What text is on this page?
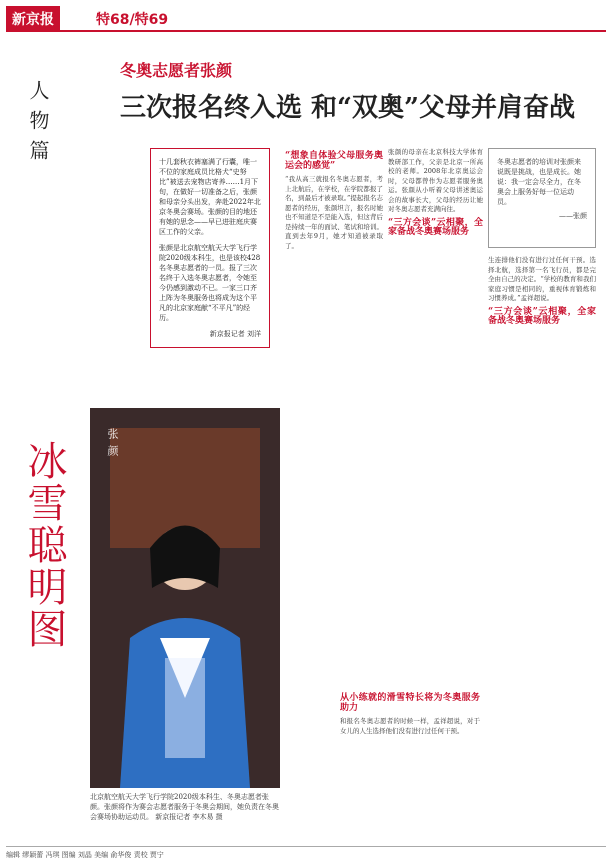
新京报	特68/特69
人物篇
冰雪聪明图
冬奥志愿者张颜
三次报名终入选 和“双奥”父母并肩奋战

十几套秋衣裤塞满了行囊，唯一不位的家庭成员比格犬“史努比”被送去宠物店寄养……1月下旬，在做好一切准备之后，张颜和母亲分头出发，奔赴2022年北京冬奥会赛场。张颜的目的地还有她的思念——早已进驻庭庆赛区工作的父亲。

张颜是北京航空航天大学飞行学院2020级本科生，也是该校428名冬奥志愿者的一员。报了三次名终于入选冬奥志愿者，令她至今仍感到激动不已。一家三口齐上阵为冬奥服务也将成为这个平凡的北京家庭献“不平凡”的经历。

新京报记者 刘洋

张颜
北京航空航天大学飞行学院2020级本科生、冬奥志愿者张颜。张颜将作为赛会志愿者服务于冬奥会期间，她负责在冬奥会赛场协助运动员。 新京报记者 李木易 摄
“想象自体验父母服务奥运会的感觉”
“我从高三就报名冬奥志愿者，考上北航后，在学校，在学院都报了名，到最后才被录取。”提起报名志愿者的经历，张颜坦言，报名时她也不知道是不是能入选，但这背后是持续一年的面试、笔试和培训。直到去年9月，她才知道被录取了。
张颜的母亲在北京科技大学体育教研部工作，父亲是北京一所高校的老师。2008年北京奥运会时，父母都曾作为志愿者服务奥运。张颜从小听着父母讲述奥运会的故事长大，父母的经历让她对冬奥志愿者充满向往。
“三方会谈”云相聚，全家备战冬奥赛场服务
冬奥志愿者的培训对张颜来说既是挑战，也是成长。她说：我一定会尽全力，在冬奥会上服务好每一位运动员。
——张颜
生连排他们没有进行过任何干预。选择北航，选择第一名飞行员，都是完全由自己的决定。“学校的教育和我们家庭习惯是相同的，重视体育锻炼和习惯养成。”孟祥超说。
“三方会谈”云相聚，全家备战冬奥赛场服务
从小练就的滑雪特长将为冬奥服务助力
和报名冬奥志愿者的时候一样，孟祥超说，对于女儿的人生选择他们没有进行过任何干预。
编辑 缪颖蕾 冯琪 图编 刘晶 美编 俞华俊 责校 贾宁
